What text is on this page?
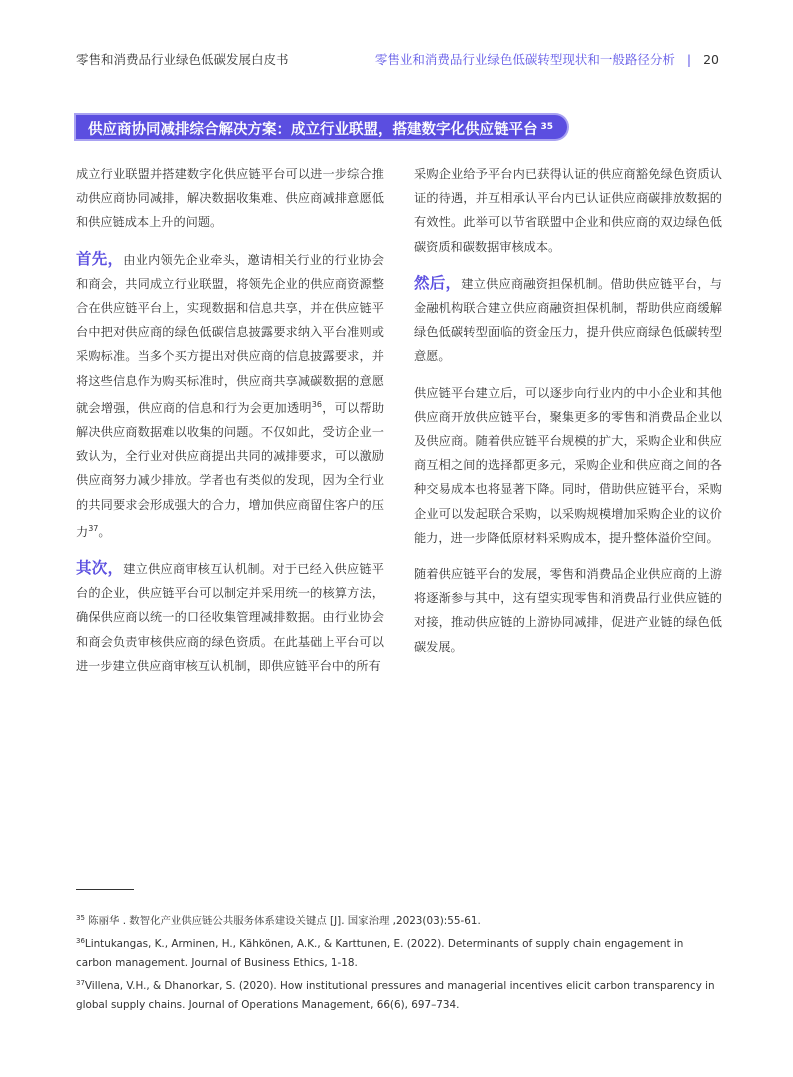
零售和消费品行业绿色低碳发展白皮书	零售业和消费品行业绿色低碳转型现状和一般路径分析 | 20
供应商协同减排综合解决方案：成立行业联盟，搭建数字化供应链平台 $^{35}$

成立行业联盟并搭建数字化供应链平台可以进一步综合推动供应商协同减排，解决数据收集难、供应商减排意愿低和供应链成本上升的问题。

首先，由业内领先企业牵头，邀请相关行业的行业协会和商会，共同成立行业联盟，将领先企业的供应商资源整合在供应链平台上，实现数据和信息共享，并在供应链平台中把对供应商的绿色低碳信息披露要求纳入平台准则或采购标准。当多个买方提出对供应商的信息披露要求，并将这些信息作为购买标准时，供应商共享减碳数据的意愿就会增强，供应商的信息和行为会更加透明$^{36}$，可以帮助解决供应商数据难以收集的问题。不仅如此，受访企业一致认为，全行业对供应商提出共同的减排要求，可以激励供应商努力减少排放。学者也有类似的发现，因为全行业的共同要求会形成强大的合力，增加供应商留住客户的压力$^{37}$。

其次，建立供应商审核互认机制。对于已经入供应链平台的企业，供应链平台可以制定并采用统一的核算方法，确保供应商以统一的口径收集管理减排数据。由行业协会和商会负责审核供应商的绿色资质。在此基础上平台可以进一步建立供应商审核互认机制，即供应链平台中的所有

采购企业给予平台内已获得认证的供应商豁免绿色资质认证的待遇，并互相承认平台内已认证供应商碳排放数据的有效性。此举可以节省联盟中企业和供应商的双边绿色低碳资质和碳数据审核成本。

然后，建立供应商融资担保机制。借助供应链平台，与金融机构联合建立供应商融资担保机制，帮助供应商缓解绿色低碳转型面临的资金压力，提升供应商绿色低碳转型意愿。

供应链平台建立后，可以逐步向行业内的中小企业和其他供应商开放供应链平台，聚集更多的零售和消费品企业以及供应商。随着供应链平台规模的扩大，采购企业和供应商互相之间的选择都更多元，采购企业和供应商之间的各种交易成本也将显著下降。同时，借助供应链平台，采购企业可以发起联合采购，以采购规模增加采购企业的议价能力，进一步降低原材料采购成本，提升整体溢价空间。

随着供应链平台的发展，零售和消费品企业供应商的上游将逐渐参与其中，这有望实现零售和消费品行业供应链的对接，推动供应链的上游协同减排，促进产业链的绿色低碳发展。

$^{35}$ 陈丽华 . 数智化产业供应链公共服务体系建设关键点 [J]. 国家治理 ,2023(03):55-61.
$^{36}$Lintukangas, K., Arminen, H., Kähkönen, A.K., & Karttunen, E. (2022). Determinants of supply chain engagement in carbon management. Journal of Business Ethics, 1-18.
$^{37}$Villena, V.H., & Dhanorkar, S. (2020). How institutional pressures and managerial incentives elicit carbon transparency in global supply chains. Journal of Operations Management, 66(6), 697–734.
